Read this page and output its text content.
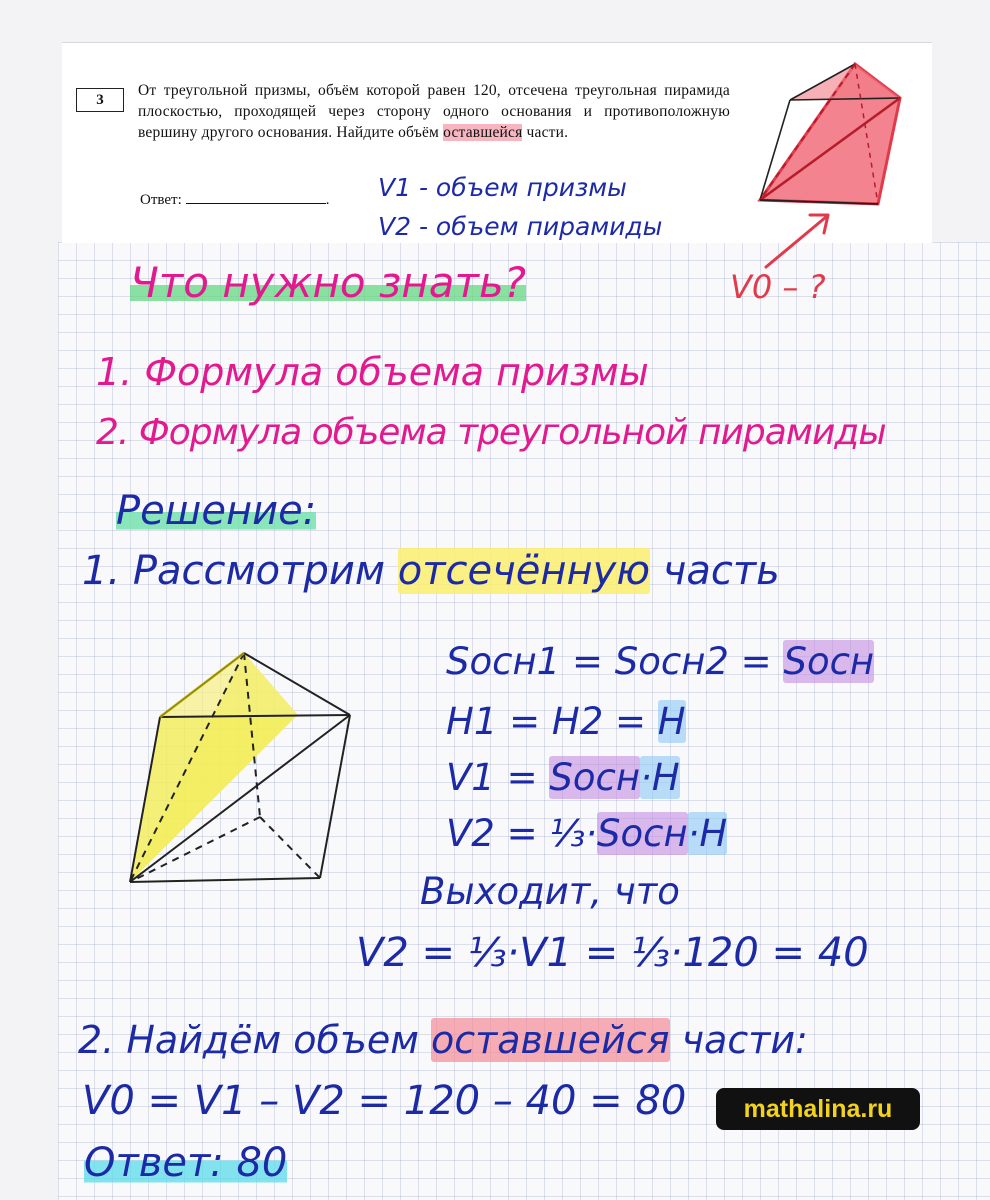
3
От треугольной призмы, объём которой равен 120, отсечена треугольная пирамида плоскостью, проходящей через сторону одного основания и противоположную вершину другого основания. Найдите объём оставшейся части.
Ответ:	. V1 - объем призмы
V2 - объем пирамиды
V0 – ?
Что нужно знать?
1. Формула объема призмы
2. Формула объема треугольной пирамиды
Решение:
1. Рассмотрим отсечённую часть
Sосн1 = Sосн2 = Sосн
H1 = H2 = H
V1 = Sосн·H
V2 = ⅓·Sосн·H
Выходит, что
V2 = ⅓·V1 = ⅓·120 = 40
2. Найдём объем оставшейся части:
V0 = V1 – V2 = 120 – 40 = 80
Ответ: 80
mathalina.ru
